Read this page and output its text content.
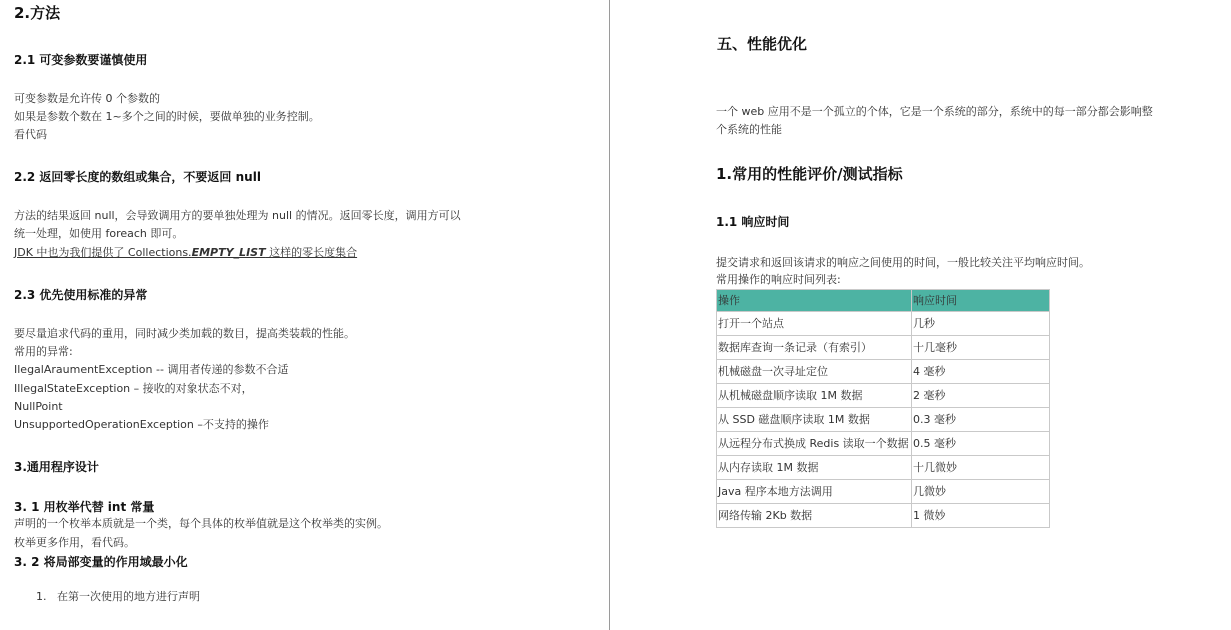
2.方法
2.1 可变参数要谨慎使用
可变参数是允许传 0 个参数的
如果是参数个数在 1~多个之间的时候，要做单独的业务控制。
看代码
2.2 返回零长度的数组或集合，不要返回 null
方法的结果返回 null，会导致调用方的要单独处理为 null 的情况。返回零长度，调用方可以
统一处理，如使用 foreach 即可。
JDK 中也为我们提供了 Collections.EMPTY_LIST 这样的零长度集合
2.3 优先使用标准的异常
要尽量追求代码的重用，同时减少类加载的数目，提高类装载的性能。
常用的异常:
IlegalAraumentException -- 调用者传递的参数不合适
IllegalStateException – 接收的对象状态不对，
NullPoint
UnsupportedOperationException –不支持的操作
3.通用程序设计
3. 1 用枚举代替 int 常量
声明的一个枚举本质就是一个类，每个具体的枚举值就是这个枚举类的实例。
枚举更多作用，看代码。
3. 2 将局部变量的作用域最小化
1. 在第一次使用的地方进行声明
五、性能优化
一个 web 应用不是一个孤立的个体，它是一个系统的部分，系统中的每一部分都会影响整
个系统的性能
1.常用的性能评价/测试指标
1.1 响应时间
提交请求和返回该请求的响应之间使用的时间，一般比较关注平均响应时间。
常用操作的响应时间列表:
操作	响应时间
打开一个站点	几秒
数据库查询一条记录（有索引）	十几毫秒
机械磁盘一次寻址定位	4 毫秒
从机械磁盘顺序读取 1M 数据	2 毫秒
从 SSD 磁盘顺序读取 1M 数据	0.3 毫秒
从远程分布式换成 Redis 读取一个数据	0.5 毫秒
从内存读取 1M 数据	十几微妙
Java 程序本地方法调用	几微妙
网络传输 2Kb 数据	1 微妙
